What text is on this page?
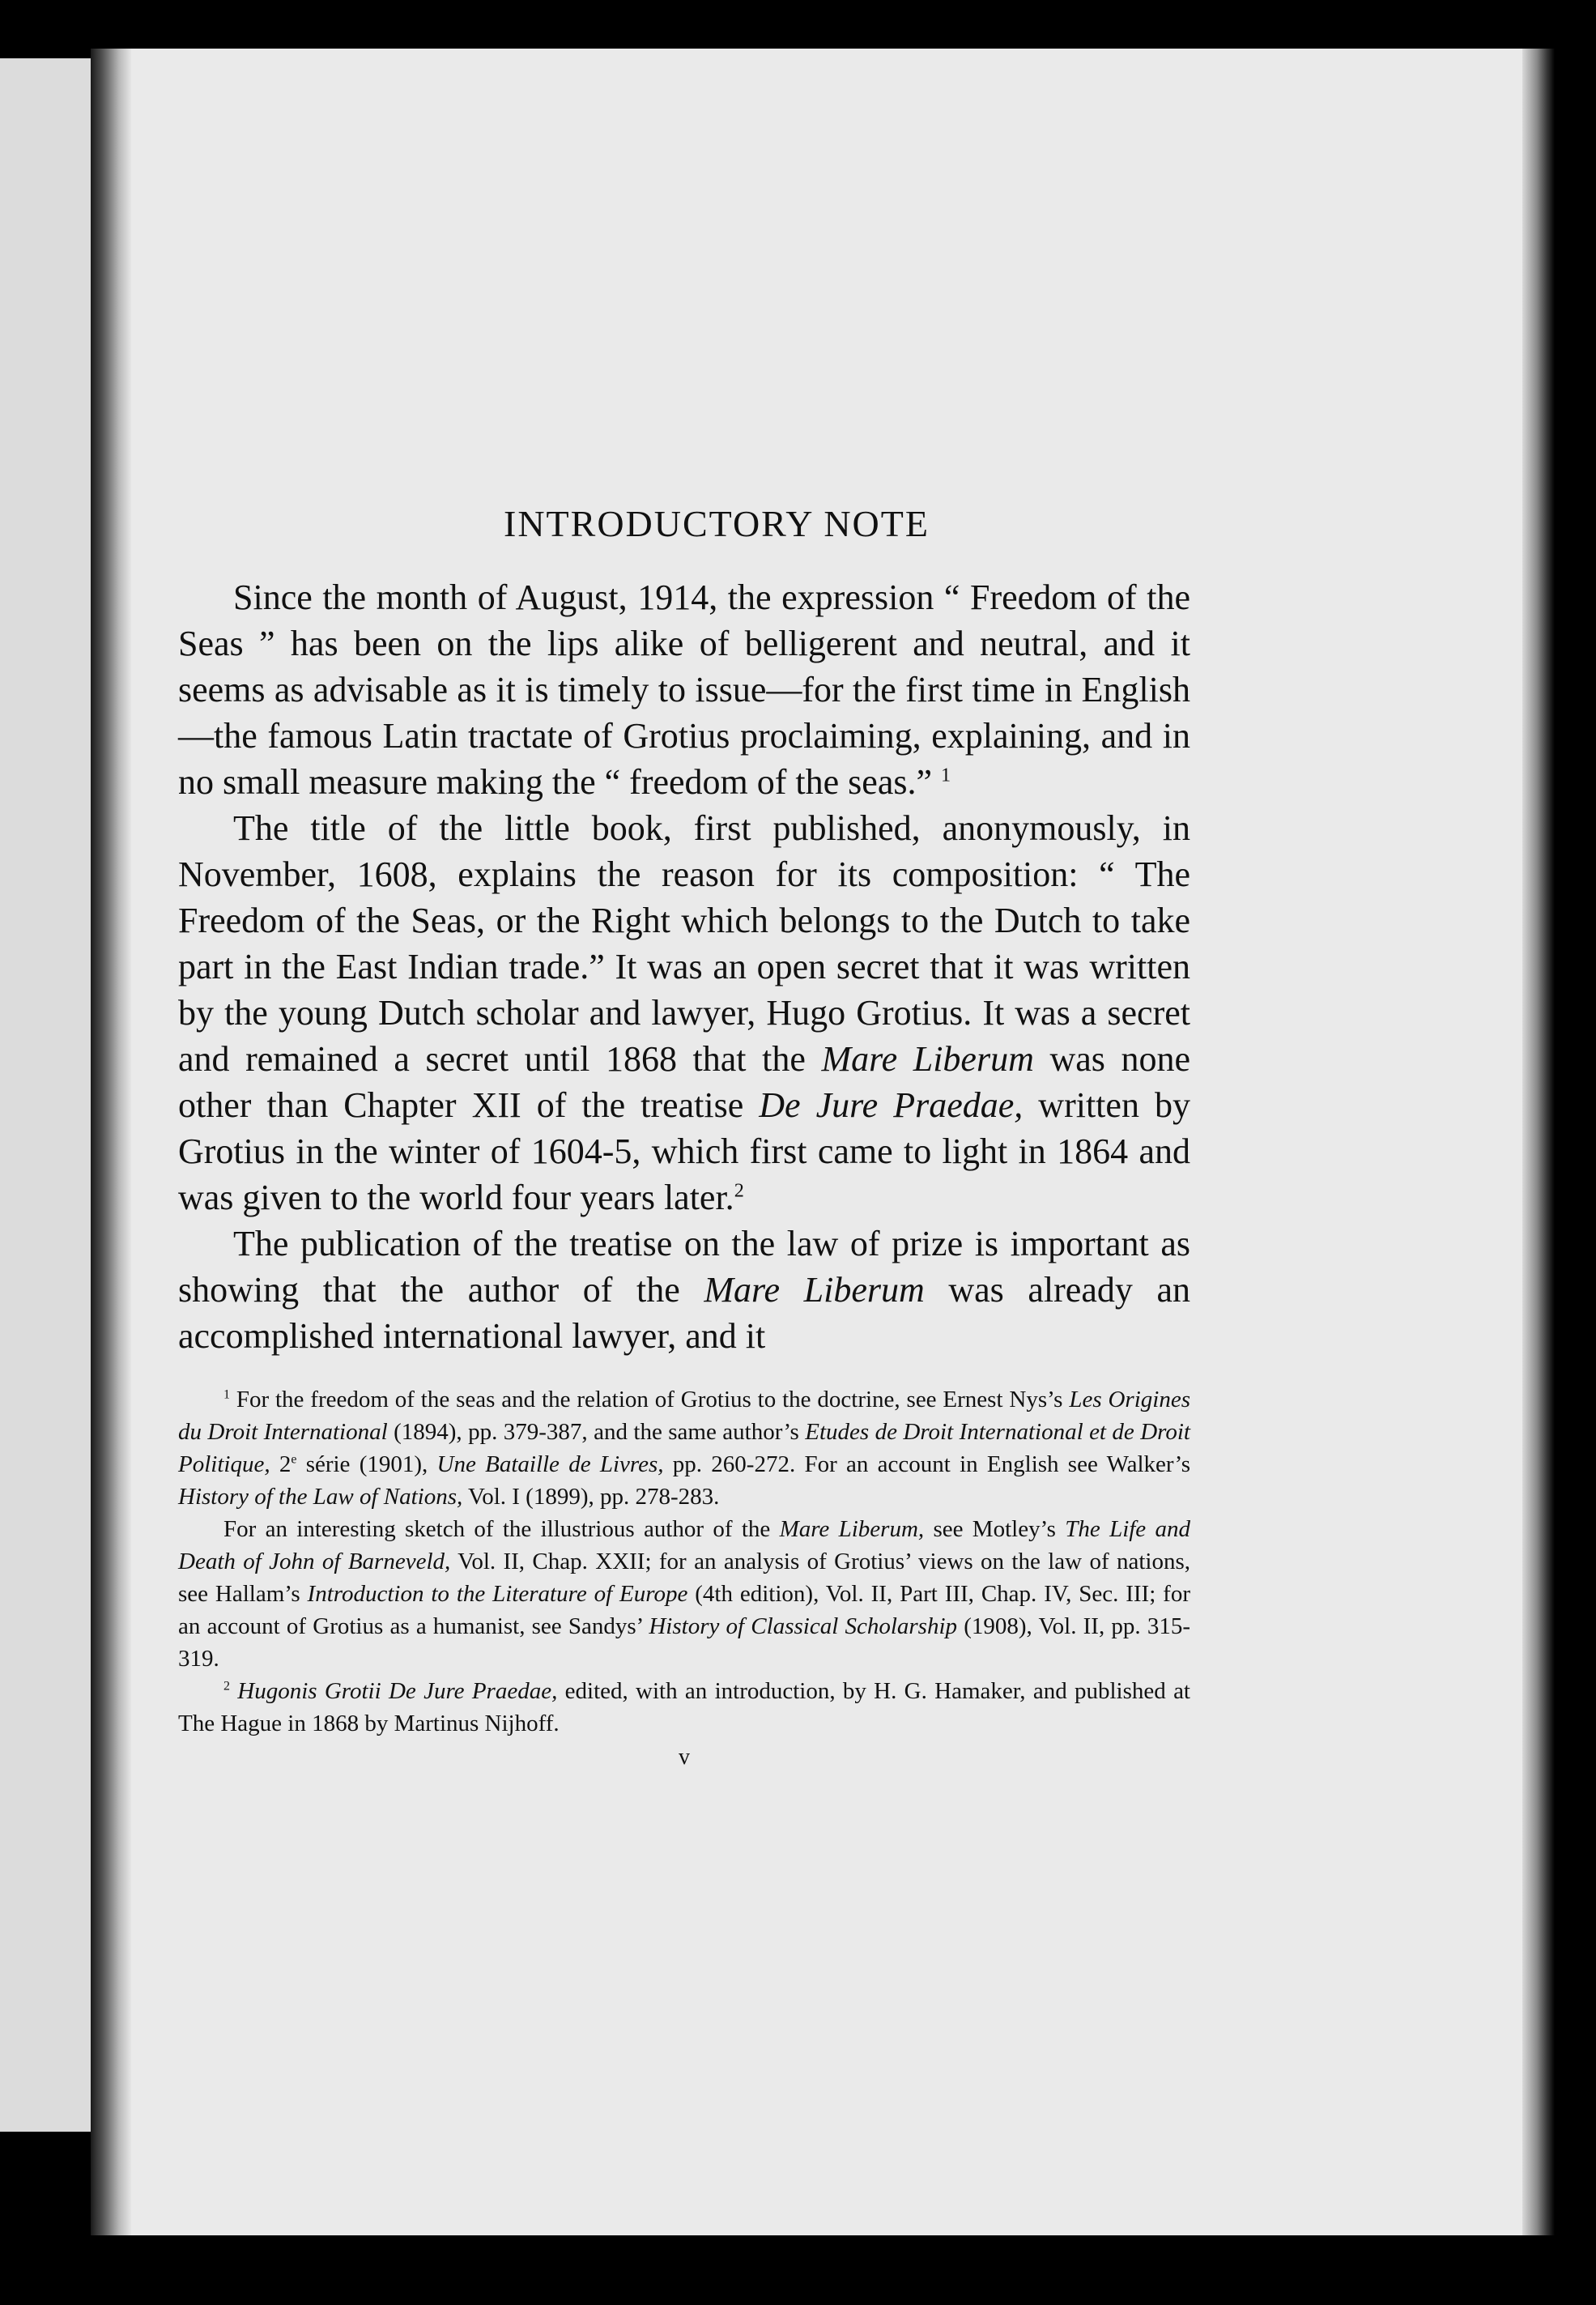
INTRODUCTORY NOTE

Since the month of August, 1914, the expression “ Freedom of the Seas ” has been on the lips alike of belligerent and neutral, and it seems as advisable as it is timely to issue—for the first time in English—the famous Latin tractate of Grotius proclaiming, explaining, and in no small measure making the “ freedom of the seas.” $^1$

The title of the little book, first published, anonymously, in November, 1608, explains the reason for its composition: “ The Freedom of the Seas, or the Right which belongs to the Dutch to take part in the East Indian trade.” It was an open secret that it was written by the young Dutch scholar and lawyer, Hugo Grotius. It was a secret and remained a secret until 1868 that the Mare Liberum was none other than Chapter XII of the treatise De Jure Praedae, written by Grotius in the winter of 1604-5, which first came to light in 1864 and was given to the world four years later.$^2$

The publication of the treatise on the law of prize is important as showing that the author of the Mare Liberum was already an accomplished international lawyer, and it

$^1$ For the freedom of the seas and the relation of Grotius to the doctrine, see Ernest Nys’s Les Origines du Droit International (1894), pp. 379-387, and the same author’s Etudes de Droit International et de Droit Politique, 2e série (1901), Une Bataille de Livres, pp. 260-272. For an account in English see Walker’s History of the Law of Nations, Vol. I (1899), pp. 278-283.

For an interesting sketch of the illustrious author of the Mare Liberum, see Motley’s The Life and Death of John of Barneveld, Vol. II, Chap. XXII; for an analysis of Grotius’ views on the law of nations, see Hallam’s Introduction to the Literature of Europe (4th edition), Vol. II, Part III, Chap. IV, Sec. III; for an account of Grotius as a humanist, see Sandys’ History of Classical Scholarship (1908), Vol. II, pp. 315-319.

$^2$ Hugonis Grotii De Jure Praedae, edited, with an introduction, by H. G. Hamaker, and published at The Hague in 1868 by Martinus Nijhoff.

v
